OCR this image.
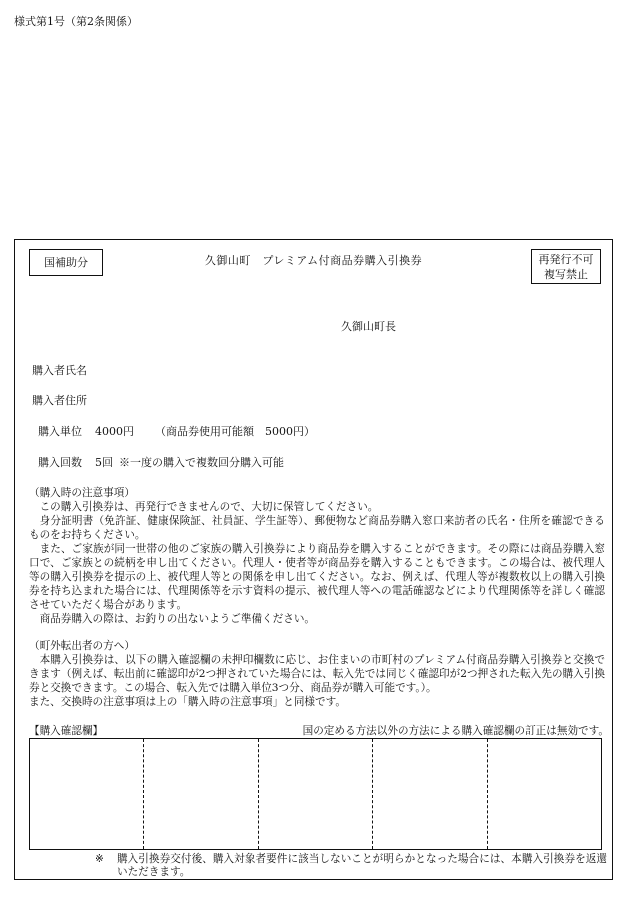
様式第1号（第2条関係）
国補助分	久御山町　プレミアム付商品券購入引換券	再発行不可
複写禁止
久御山町長
購入者氏名
購入者住所
購入単位 4000円 （商品券使用可能額　5000円）
購入回数 5回 ※一度の購入で複数回分購入可能

（購入時の注意事項）

この購入引換券は、再発行できませんので、大切に保管してください。

身分証明書（免許証、健康保険証、社員証、学生証等）、郵便物など商品券購入窓口来訪者の氏名・住所を確認できるものをお持ちください。

また、ご家族が同一世帯の他のご家族の購入引換券により商品券を購入することができます。その際には商品券購入窓口で、ご家族との続柄を申し出てください。代理人・使者等が商品券を購入することもできます。この場合は、被代理人等の購入引換券を提示の上、被代理人等との関係を申し出てください。なお、例えば、代理人等が複数枚以上の購入引換券を持ち込まれた場合には、代理関係等を示す資料の提示、被代理人等への電話確認などにより代理関係等を詳しく確認させていただく場合があります。

商品券購入の際は、お釣りの出ないようご準備ください。

（町外転出者の方へ）

本購入引換券は、以下の購入確認欄の未押印欄数に応じ、お住まいの市町村のプレミアム付商品券購入引換券と交換できます（例えば、転出前に確認印が2つ押されていた場合には、転入先では同じく確認印が2つ押された転入先の購入引換券と交換できます。この場合、転入先では購入単位3つ分、商品券が購入可能です。）。

また、交換時の注意事項は上の「購入時の注意事項」と同様です。

【購入確認欄】	国の定める方法以外の方法による購入確認欄の訂正は無効です。
※ 購入引換券交付後、購入対象者要件に該当しないことが明らかとなった場合には、本購入引換券を返還いただきます。
